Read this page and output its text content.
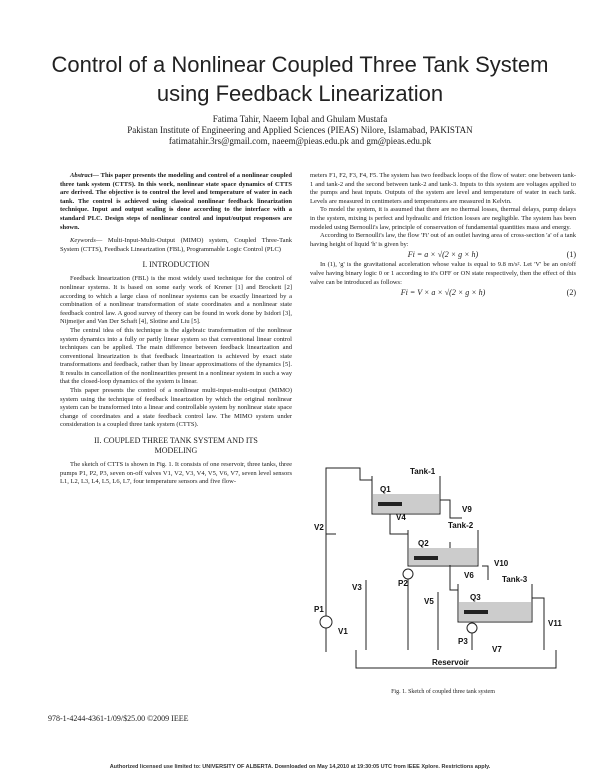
Control of a Nonlinear Coupled Three Tank System
using Feedback Linearization
Fatima Tahir, Naeem Iqbal and Ghulam Mustafa
Pakistan Institute of Engineering and Applied Sciences (PIEAS) Nilore, Islamabad, PAKISTAN
fatimatahir.3rs@gmail.com, naeem@pieas.edu.pk and gm@pieas.edu.pk

Abstract— This paper presents the modeling and control of a nonlinear coupled three tank system (CTTS). In this work, nonlinear state space dynamics of CTTS are derived. The objective is to control the level and temperature of water in each tank. The control is achieved using classical nonlinear feedback linearization technique. Input and output scaling is done according to the interface with a standard PLC. Design steps of nonlinear control and input/output responses are shown.

Keywords— Multi-Input-Multi-Output (MIMO) system, Coupled Three-Tank System (CTTS), Feedback Linearization (FBL), Programmable Logic Control (PLC)

I. INTRODUCTION

Feedback linearization (FBL) is the most widely used technique for the control of nonlinear systems. It is based on some early work of Krener [1] and Brockett [2] according to which a large class of nonlinear systems can be exactly linearized by a combination of a nonlinear transformation of state coordinates and a nonlinear state feedback control law. A good survey of theory can be found in work done by Isidori [3], Nijmeijer and Van Der Schaft [4], Slotine and Liu [5].

The central idea of this technique is the algebraic transformation of the nonlinear system dynamics into a fully or partly linear system so that conventional linear control techniques can be applied. The main difference between feedback linearization and conventional linearization is that feedback linearization is achieved by exact state transformations and feedback, rather than by linear approximations of the dynamics [5]. It results in cancellation of the nonlinearities present in a nonlinear system in such a way that the closed-loop dynamics of the system is linear.

This paper presents the control of a nonlinear multi-input-multi-output (MIMO) system using the technique of feedback linearization by which the original nonlinear system can be transformed into a linear and controllable system by nonlinear state space change of coordinates and a state feedback control law. The MIMO system under consideration is a coupled three tank system (CTTS).

II. COUPLED THREE TANK SYSTEM AND ITS
MODELING

The sketch of CTTS is shown in Fig. 1. It consists of one reservoir, three tanks, three pumps P1, P2, P3, seven on-off valves V1, V2, V3, V4, V5, V6, V7, seven level sensors L1, L2, L3, L4, L5, L6, L7, four temperature sensors and five flow-

meters F1, F2, F3, F4, F5. The system has two feedback loops of the flow of water: one between tank-1 and tank-2 and the second between tank-2 and tank-3. Inputs to this system are voltages applied to the pumps and heat inputs. Outputs of the system are level and temperature of water in each tank. Levels are measured in centimeters and temperatures are measured in Kelvin.

To model the system, it is assumed that there are no thermal losses, thermal delays, pump delays in the system, mixing is perfect and hydraulic and friction losses are negligible. The system has been modeled using Bernoulli's law, principle of conservation of fundamental quantities mass and energy.

According to Bernoulli's law, the flow 'Fi' out of an outlet having area of cross-section 'a' of a tank having height of liquid 'h' is given by:

Fi = a × √(2 × g × h)	(1)

In (1), 'g' is the gravitational acceleration whose value is equal to 9.8 m/s². Let 'V' be an on/off valve having binary logic 0 or 1 according to it's OFF or ON state respectively, then the effect of this valve can be introduced as follows:

Fi = V × a × √(2 × g × h)	(2)
Tank-1
Tank-2
Tank-3
Q1
Q2
Q3
P1
P2
P3
V1
V2
V3
V4
V5
V6
V7
V9
V10
V11
Reservoir
Fig. 1. Sketch of coupled three tank system
978-1-4244-4361-1/09/$25.00 ©2009 IEEE
Authorized licensed use limited to: UNIVERSITY OF ALBERTA. Downloaded on May 14,2010 at 19:30:05 UTC from IEEE Xplore. Restrictions apply.
